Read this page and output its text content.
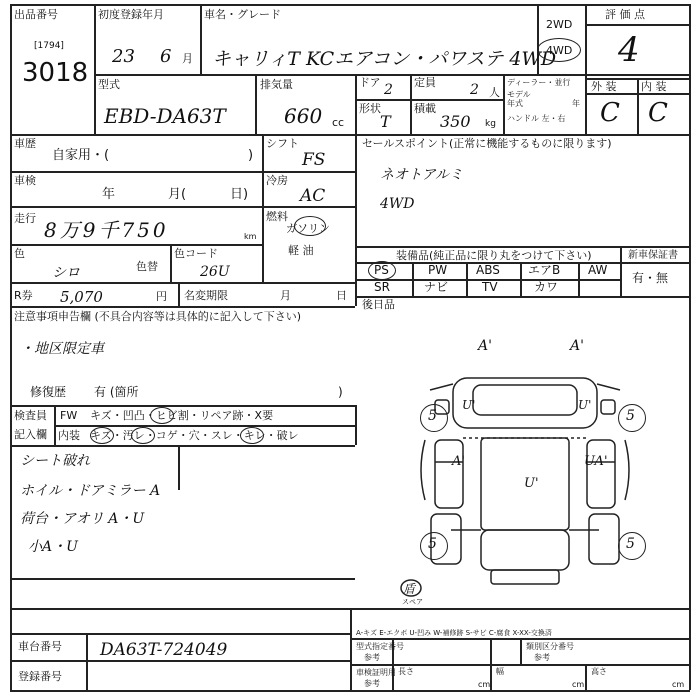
出品番号
[1794]
3018
初度登録年月
23 6 月
車名・グレード
キャリィT KCエアコン・パワステ 4WD
2WD
4WD
評 価 点
4
型式
EBD-DA63T
排気量
660 cc
ドア 2 定員 2 人
形状
T
積載
350 kg
ディーラー・並行
モデル
年式	年
ハンドル 左・右
外 装 内 装
C C
車歴
自家用・(	)
シフト
FS
車検
年	月(	日)
冷房
AC
走行 8万9千750	km
燃料
ガソリン
軽 油
色
シロ	色替
色コード
26U
R券 5,070	円 名変期限	月	日
セールスポイント(正常に機能するものに限ります)
ネオトアルミ
4WD
装備品(純正品に限り丸をつけて下さい)	新車保証書
有・無
PS	PW ABS エアB AW
SR	ナビ	TV	カワ
後日品
注意事項申告欄 (不具合内容等は具体的に記入して下さい)
・地区限定車
修復歴 有 (箇所	)
検査員
記入欄
FW キズ・凹凸・ヒビ割・リペア跡・X要
内装 キズ・汚レ・コゲ・穴・スレ・キレ・破レ
シート破れ
ホイル・ドアミラー A
荷台・アオリ A・U
小A・U
5	5
5	5
A'	A'
U'	U'
A'	UA'
U'
盾
スペア
車台番号 DA63T-724049
登録番号
A-キズ E-エクボ U-凹み W-補修跡 S-サビ C-腐食 X-XX-交換済
型式指定番号
参考
類別区分番号
参考
車検証明用
参考
長さ
cm
幅
cm
高さ
cm
